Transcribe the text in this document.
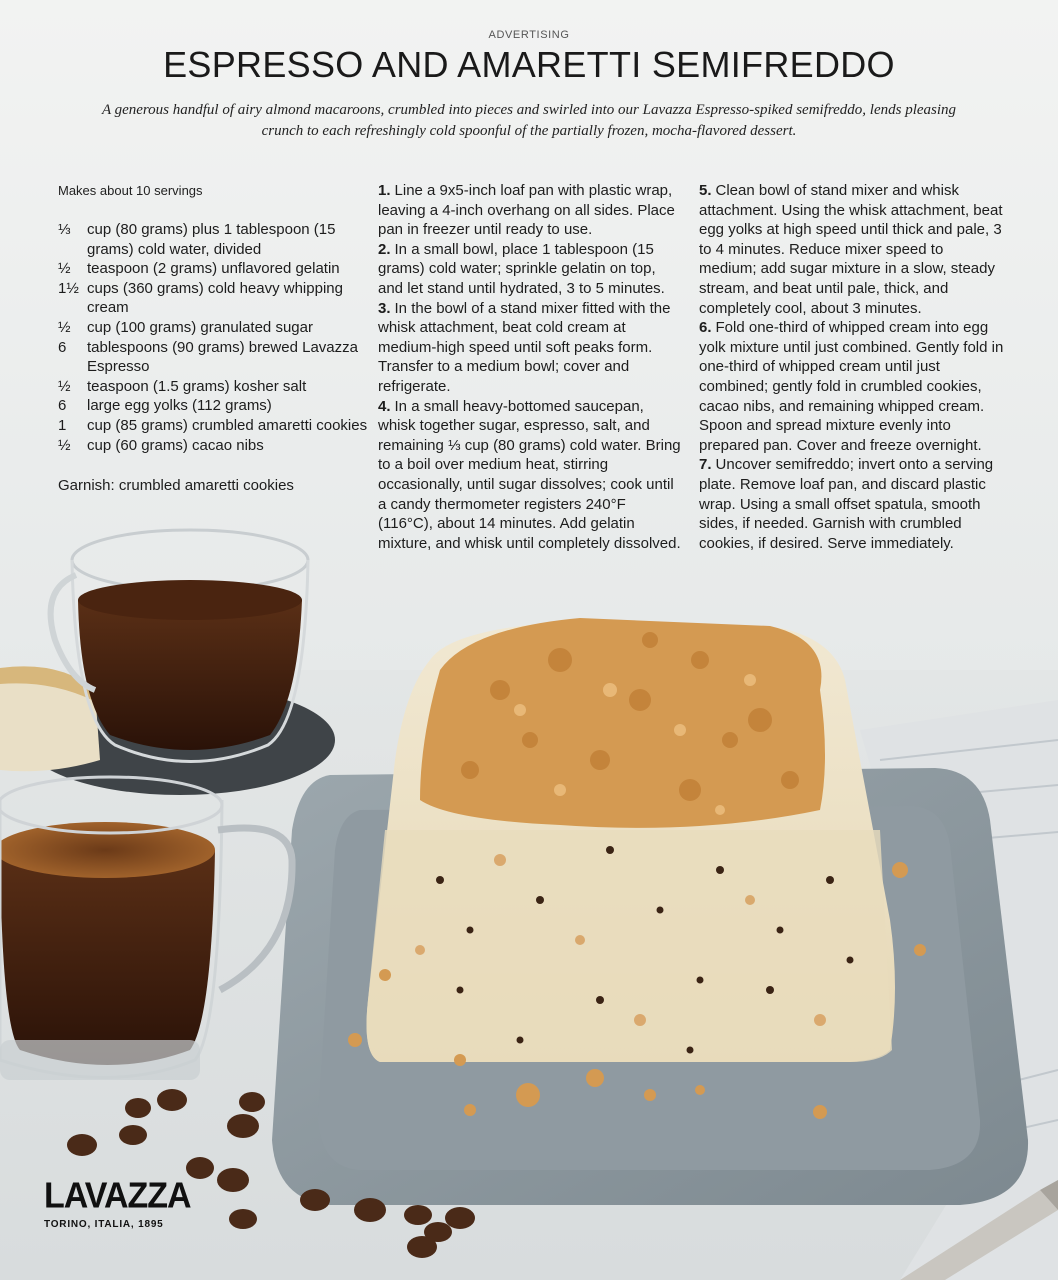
ADVERTISING
ESPRESSO AND AMARETTI SEMIFREDDO
A generous handful of airy almond macaroons, crumbled into pieces and swirled into our Lavazza Espresso-spiked semifreddo, lends pleasing crunch to each refreshingly cold spoonful of the partially frozen, mocha-flavored dessert.
Makes about 10 servings
⅓	cup (80 grams) plus 1 tablespoon (15 grams) cold water, divided
½	teaspoon (2 grams) unflavored gelatin
1½ cups (360 grams) cold heavy whipping cream
½	cup (100 grams) granulated sugar
6	tablespoons (90 grams) brewed Lavazza Espresso
½	teaspoon (1.5 grams) kosher salt
6	large egg yolks (112 grams)
1	cup (85 grams) crumbled amaretti cookies
½	cup (60 grams) cacao nibs
Garnish: crumbled amaretti cookies

1. Line a 9x5-inch loaf pan with plastic wrap, leaving a 4-inch overhang on all sides. Place pan in freezer until ready to use.

2. In a small bowl, place 1 tablespoon (15 grams) cold water; sprinkle gelatin on top, and let stand until hydrated, 3 to 5 minutes.

3. In the bowl of a stand mixer fitted with the whisk attachment, beat cold cream at medium-high speed until soft peaks form. Transfer to a medium bowl; cover and refrigerate.

4. In a small heavy-bottomed saucepan, whisk together sugar, espresso, salt, and remaining ⅓ cup (80 grams) cold water. Bring to a boil over medium heat, stirring occasionally, until sugar dissolves; cook until a candy thermometer registers 240°F (116°C), about 14 minutes. Add gelatin mixture, and whisk until completely dissolved.

5. Clean bowl of stand mixer and whisk attachment. Using the whisk attachment, beat egg yolks at high speed until thick and pale, 3 to 4 minutes. Reduce mixer speed to medium; add sugar mixture in a slow, steady stream, and beat until pale, thick, and completely cool, about 3 minutes.

6. Fold one-third of whipped cream into egg yolk mixture until just combined. Gently fold in one-third of whipped cream until just combined; gently fold in crumbled cookies, cacao nibs, and remaining whipped cream. Spoon and spread mixture evenly into prepared pan. Cover and freeze overnight.

7. Uncover semifreddo; invert onto a serving plate. Remove loaf pan, and discard plastic wrap. Using a small offset spatula, smooth sides, if needed. Garnish with crumbled cookies, if desired. Serve immediately.

LAVAZZA
TORINO, ITALIA, 1895
